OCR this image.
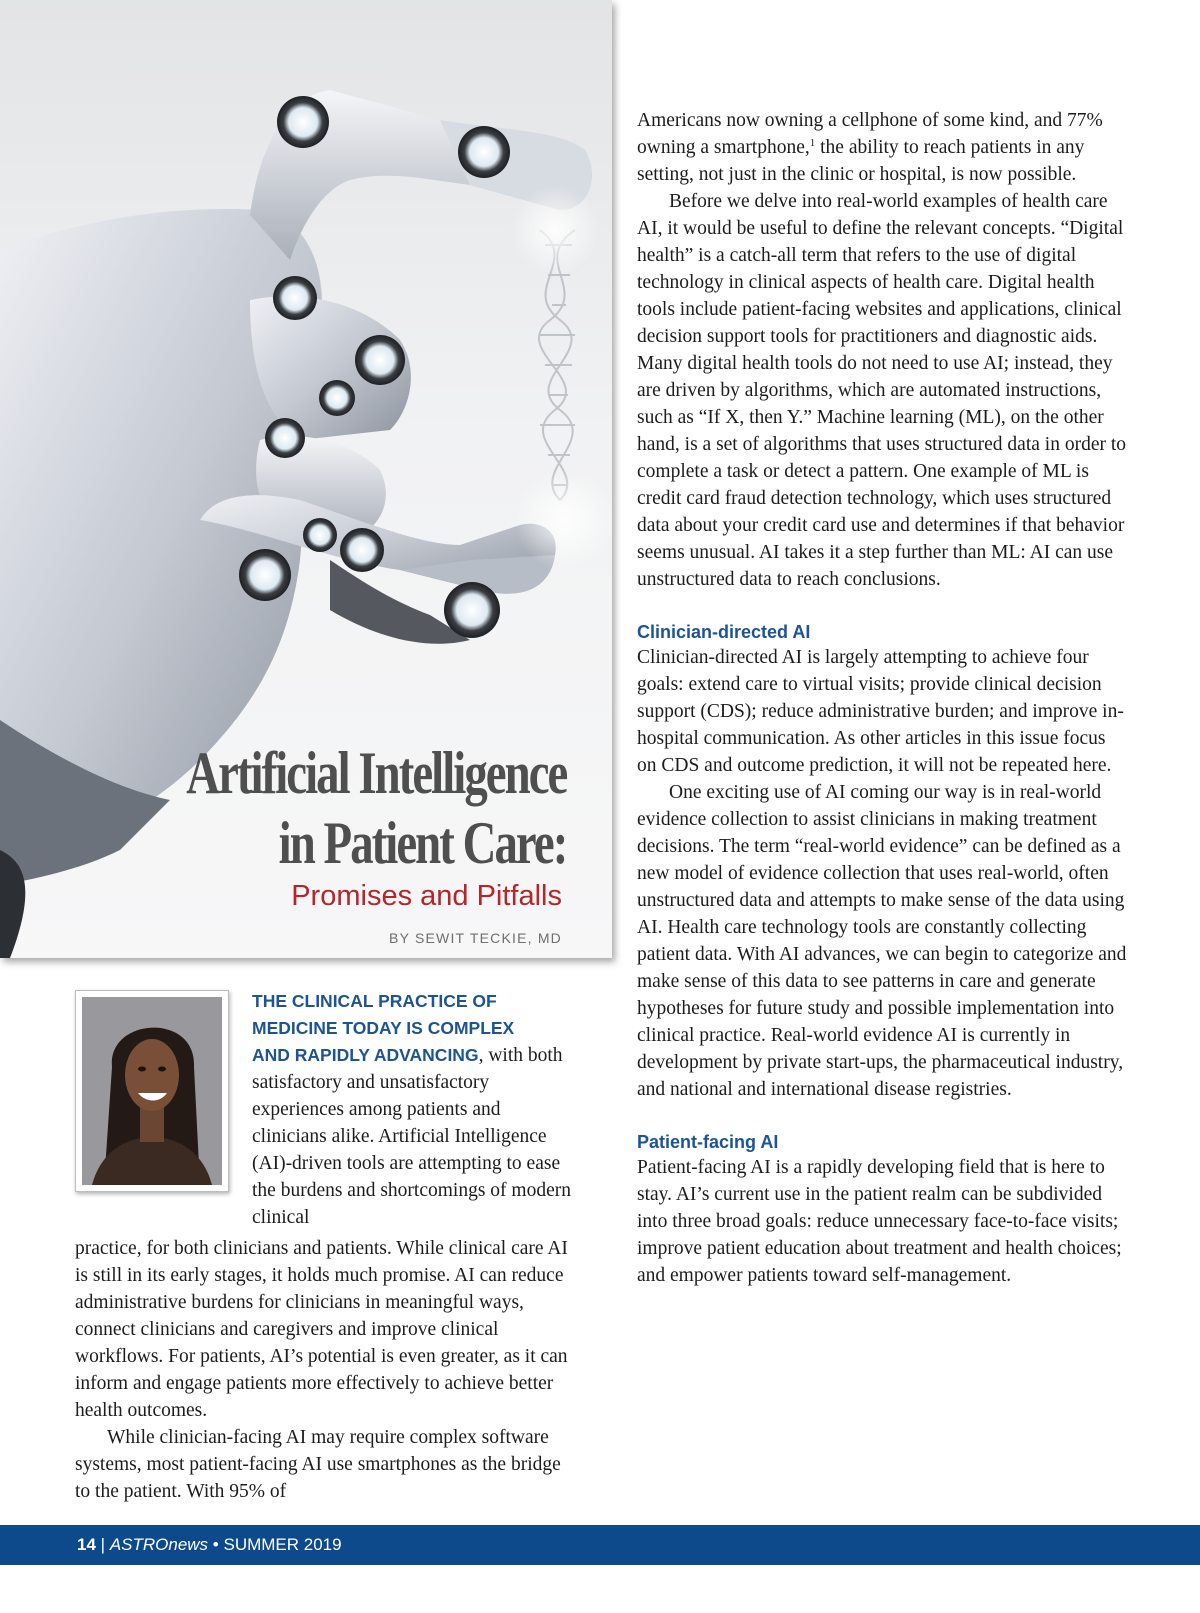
Artificial Intelligence
in Patient Care:
Promises and Pitfalls
BY SEWIT TECKIE, MD

THE CLINICAL PRACTICE OF
MEDICINE TODAY IS COMPLEX
AND RAPIDLY ADVANCING, with both satisfactory and unsatisfactory experiences among patients and clinicians alike. Artificial Intelligence (AI)-driven tools are attempting to ease the burdens and shortcomings of modern clinical

practice, for both clinicians and patients. While clinical care AI is still in its early stages, it holds much promise. AI can reduce administrative burdens for clinicians in meaningful ways, connect clinicians and caregivers and improve clinical workflows. For patients, AI’s potential is even greater, as it can inform and engage patients more effectively to achieve better health outcomes.

While clinician-facing AI may require complex software systems, most patient-facing AI use smartphones as the bridge to the patient. With 95% of

Americans now owning a cellphone of some kind, and 77% owning a smartphone,$^1$ the ability to reach patients in any setting, not just in the clinic or hospital, is now possible.

Before we delve into real-world examples of health care AI, it would be useful to define the relevant concepts. “Digital health” is a catch-all term that refers to the use of digital technology in clinical aspects of health care. Digital health tools include patient-facing websites and applications, clinical decision support tools for practitioners and diagnostic aids. Many digital health tools do not need to use AI; instead, they are driven by algorithms, which are automated instructions, such as “If X, then Y.” Machine learning (ML), on the other hand, is a set of algorithms that uses structured data in order to complete a task or detect a pattern. One example of ML is credit card fraud detection technology, which uses structured data about your credit card use and determines if that behavior seems unusual. AI takes it a step further than ML: AI can use unstructured data to reach conclusions.

Clinician-directed AI

Clinician-directed AI is largely attempting to achieve four goals: extend care to virtual visits; provide clinical decision support (CDS); reduce administrative burden; and improve in-hospital communication. As other articles in this issue focus on CDS and outcome prediction, it will not be repeated here.

One exciting use of AI coming our way is in real-world evidence collection to assist clinicians in making treatment decisions. The term “real-world evidence” can be defined as a new model of evidence collection that uses real-world, often unstructured data and attempts to make sense of the data using AI. Health care technology tools are constantly collecting patient data. With AI advances, we can begin to categorize and make sense of this data to see patterns in care and generate hypotheses for future study and possible implementation into clinical practice. Real-world evidence AI is currently in development by private start-ups, the pharmaceutical industry, and national and international disease registries.

Patient-facing AI

Patient-facing AI is a rapidly developing field that is here to stay. AI’s current use in the patient realm can be subdivided into three broad goals: reduce unnecessary face-to-face visits; improve patient education about treatment and health choices; and empower patients toward self-management.

14 | ASTROnews • SUMMER 2019
